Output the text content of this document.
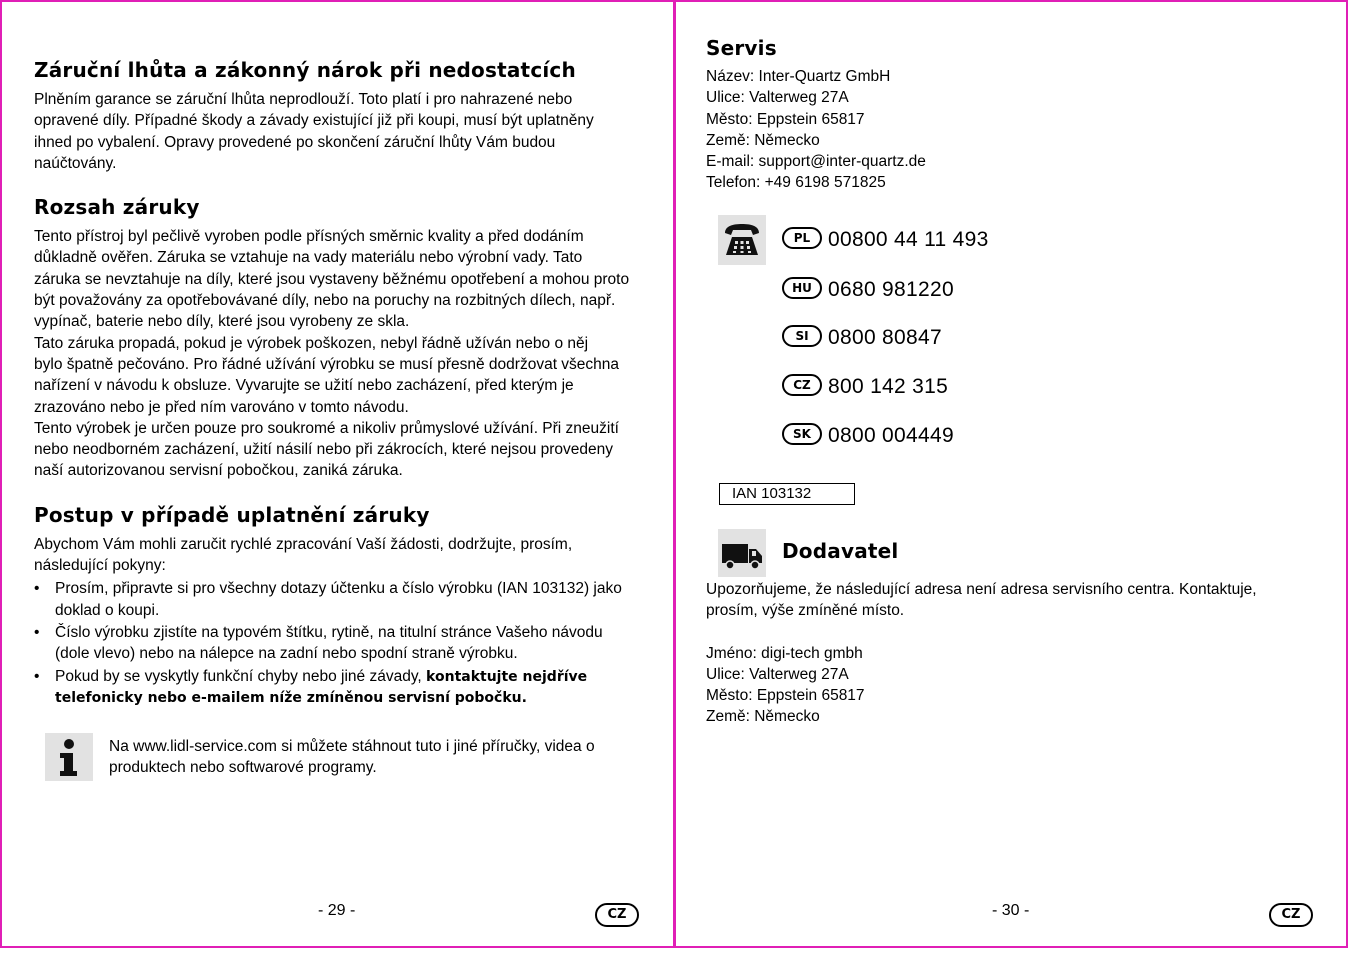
Záruční lhůta a zákonný nárok při nedostatcích

Plněním garance se záruční lhůta neprodlouží. Toto platí i pro nahrazené nebo

opravené díly. Případné škody a závady existující již při koupi, musí být uplatněny

ihned po vybalení. Opravy provedené po skončení záruční lhůty Vám budou

naúčtovány.

Rozsah záruky

Tento přístroj byl pečlivě vyroben podle přísných směrnic kvality a před dodáním

důkladně ověřen. Záruka se vztahuje na vady materiálu nebo výrobní vady. Tato

záruka se nevztahuje na díly, které jsou vystaveny běžnému opotřebení a mohou proto

být považovány za opotřebovávané díly, nebo na poruchy na rozbitných dílech, např.

vypínač, baterie nebo díly, které jsou vyrobeny ze skla.

Tato záruka propadá, pokud je výrobek poškozen, nebyl řádně užíván nebo o něj

bylo špatně pečováno. Pro řádné užívání výrobku se musí přesně dodržovat všechna

nařízení v návodu k obsluze. Vyvarujte se užití nebo zacházení, před kterým je

zrazováno nebo je před ním varováno v tomto návodu.

Tento výrobek je určen pouze pro soukromé a nikoliv průmyslové užívání. Při zneužití

nebo neodborném zacházení, užití násilí nebo při zákrocích, které nejsou provedeny

naší autorizovanou servisní pobočkou, zaniká záruka.

Postup v případě uplatnění záruky

Abychom Vám mohli zaručit rychlé zpracování Vaší žádosti, dodržujte, prosím,

následující pokyny:

• Prosím, připravte si pro všechny dotazy účtenku a číslo výrobku (IAN 103132) jako
doklad o koupi.
• Číslo výrobku zjistíte na typovém štítku, rytině, na titulní stránce Vašeho návodu
(dole vlevo) nebo na nálepce na zadní nebo spodní straně výrobku.
• Pokud by se vyskytly funkční chyby nebo jiné závady, kontaktujte nejdříve
telefonicky nebo e-mailem níže zmíněnou servisní pobočku.

Na www.lidl-service.com si můžete stáhnout tuto i jiné příručky, videa o

produktech nebo softwarové programy.

- 29 -	CZ
Servis

Název: Inter-Quartz GmbH

Ulice: Valterweg 27A

Město: Eppstein 65817

Země: Německo

E-mail: support@inter-quartz.de

Telefon: +49 6198 571825

PL 00800 44 11 493
HU 0680 981220
SI 0800 80847
CZ 800 142 315
SK 0800 004449
IAN 103132
Dodavatel

Upozorňujeme, že následující adresa není adresa servisního centra. Kontaktuje,

prosím, výše zmíněné místo.

Jméno: digi-tech gmbh

Ulice: Valterweg 27A

Město: Eppstein 65817

Země: Německo

- 30 -	CZ
